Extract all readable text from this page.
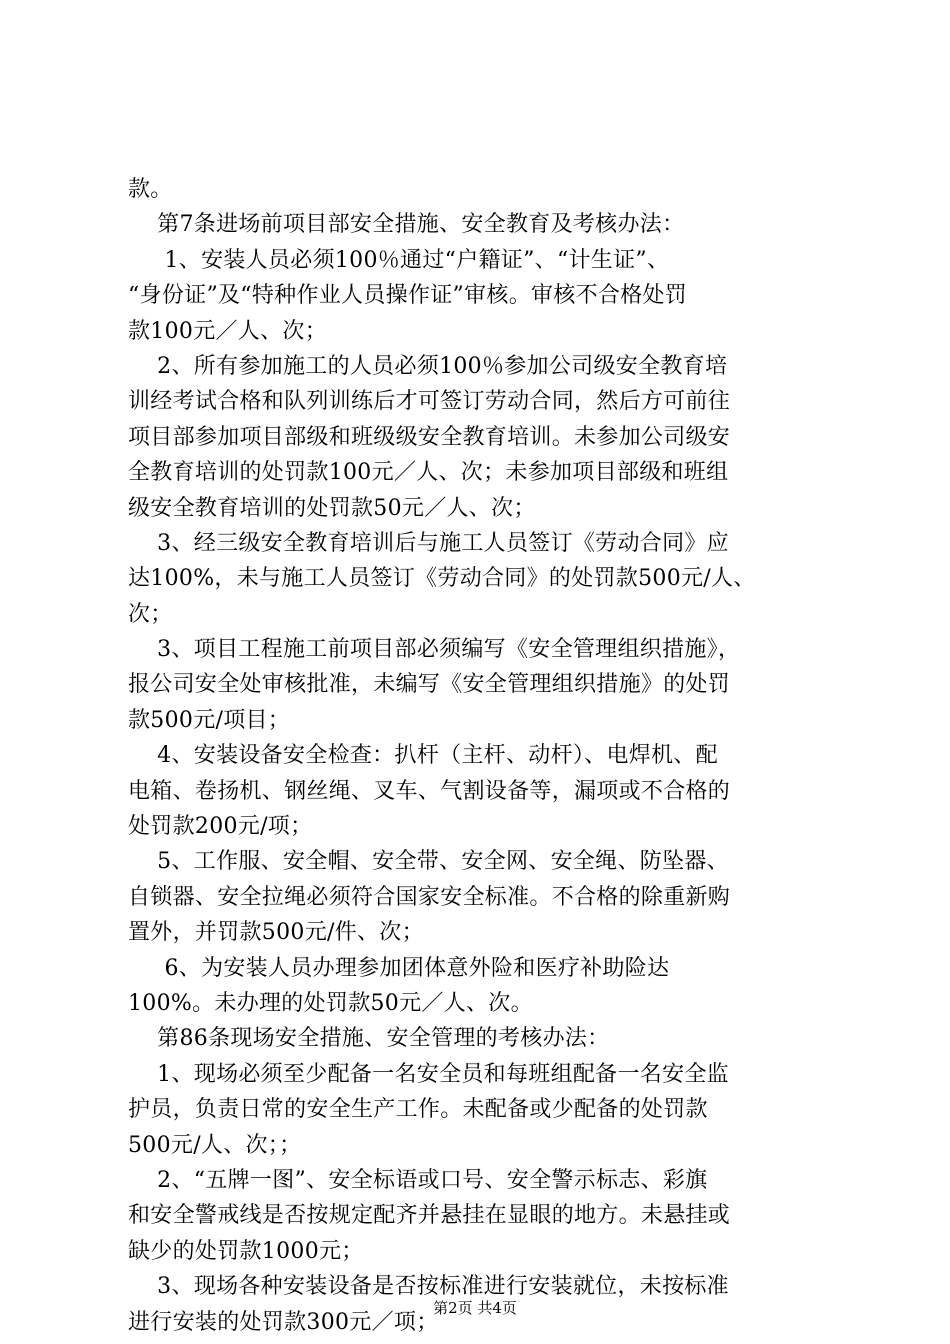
款。
第7条进场前项目部安全措施、安全教育及考核办法：
1、安装人员必须100％通过“户籍证”、“计生证”、
“身份证”及“特种作业人员操作证”审核。审核不合格处罚
款100元／人、次；
2、所有参加施工的人员必须100％参加公司级安全教育培
训经考试合格和队列训练后才可签订劳动合同，然后方可前往
项目部参加项目部级和班级级安全教育培训。未参加公司级安
全教育培训的处罚款100元／人、次；未参加项目部级和班组
级安全教育培训的处罚款50元／人、次；
3、经三级安全教育培训后与施工人员签订《劳动合同》应
达100%，未与施工人员签订《劳动合同》的处罚款500元/人、
次；
3、项目工程施工前项目部必须编写《安全管理组织措施》，
报公司安全处审核批准，未编写《安全管理组织措施》的处罚
款500元/项目；
4、安装设备安全检查：扒杆（主杆、动杆）、电焊机、配
电箱、卷扬机、钢丝绳、叉车、气割设备等，漏项或不合格的
处罚款200元/项；
5、工作服、安全帽、安全带、安全网、安全绳、防坠器、
自锁器、安全拉绳必须符合国家安全标准。不合格的除重新购
置外，并罚款500元/件、次；
6、为安装人员办理参加团体意外险和医疗补助险达
100%。未办理的处罚款50元／人、次。
第86条现场安全措施、安全管理的考核办法：
1、现场必须至少配备一名安全员和每班组配备一名安全监
护员，负责日常的安全生产工作。未配备或少配备的处罚款
500元/人、次；；
2、“五牌一图”、安全标语或口号、安全警示标志、彩旗
和安全警戒线是否按规定配齐并悬挂在显眼的地方。未悬挂或
缺少的处罚款1000元；
3、现场各种安装设备是否按标准进行安装就位，未按标准
进行安装的处罚款300元／项；
第2页 共4页
